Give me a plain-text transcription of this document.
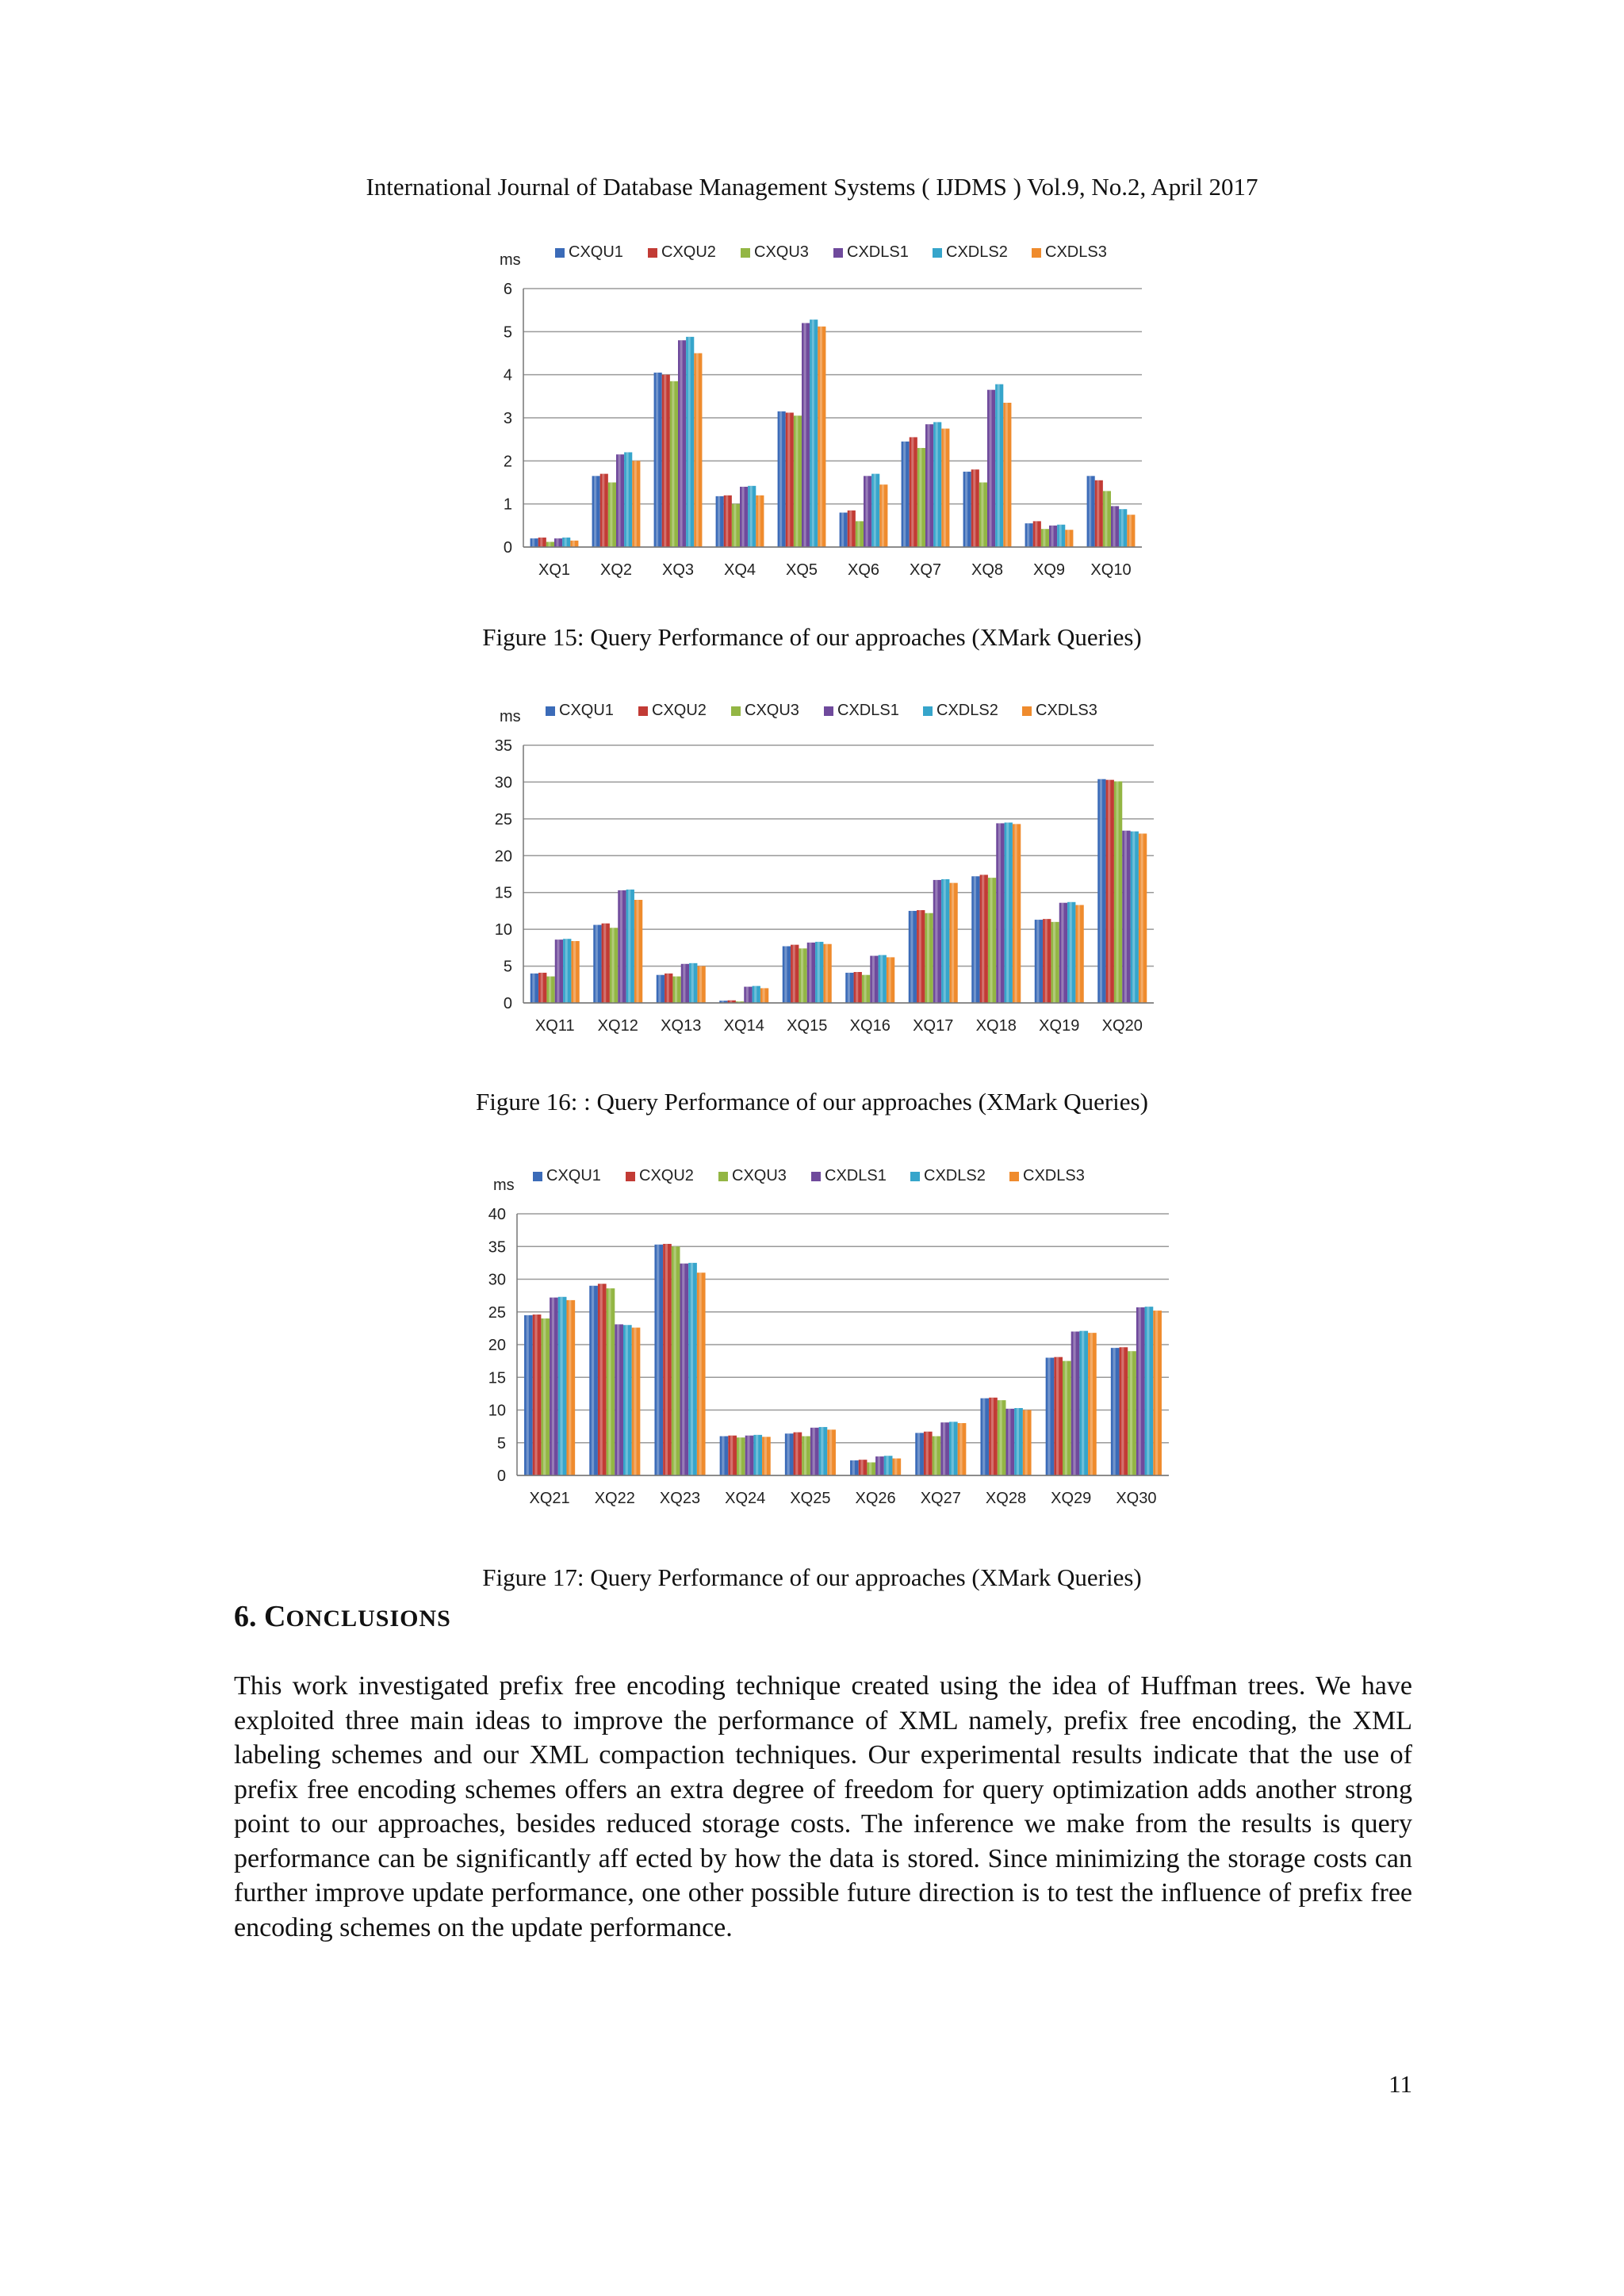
International Journal of Database Management Systems ( IJDMS ) Vol.9, No.2, April 2017
0
1
2
3
4
5
6
ms	CXQU1 CXQU2 CXQU3 CXDLS1 CXDLS2 CXDLS3
XQ1 XQ2 XQ3 XQ4 XQ5 XQ6 XQ7 XQ8 XQ9 XQ10
Figure 15: Query Performance of our approaches (XMark Queries)
0
5
10
15
20
25
30
35
ms CXQU1 CXQU2 CXQU3 CXDLS1 CXDLS2 CXDLS3
XQ11 XQ12 XQ13 XQ14 XQ15 XQ16 XQ17 XQ18 XQ19 XQ20
Figure 16: : Query Performance of our approaches (XMark Queries)
0
5
10
15
20
25
30
35
40
ms
CXQU1 CXQU2 CXQU3 CXDLS1 CXDLS2 CXDLS3
XQ21 XQ22 XQ23 XQ24 XQ25 XQ26 XQ27 XQ28 XQ29 XQ30
Figure 17: Query Performance of our approaches (XMark Queries)
6. CONCLUSIONS
This work investigated prefix free encoding technique created using the idea of Huffman trees. We have exploited three main ideas to improve the performance of XML namely, prefix free encoding, the XML labeling schemes and our XML compaction techniques. Our experimental results indicate that the use of prefix free encoding schemes offers an extra degree of freedom for query optimization adds another strong point to our approaches, besides reduced storage costs. The inference we make from the results is query performance can be significantly aff ected by how the data is stored. Since minimizing the storage costs can further improve update performance, one other possible future direction is to test the influence of prefix free encoding schemes on the update performance.
11
